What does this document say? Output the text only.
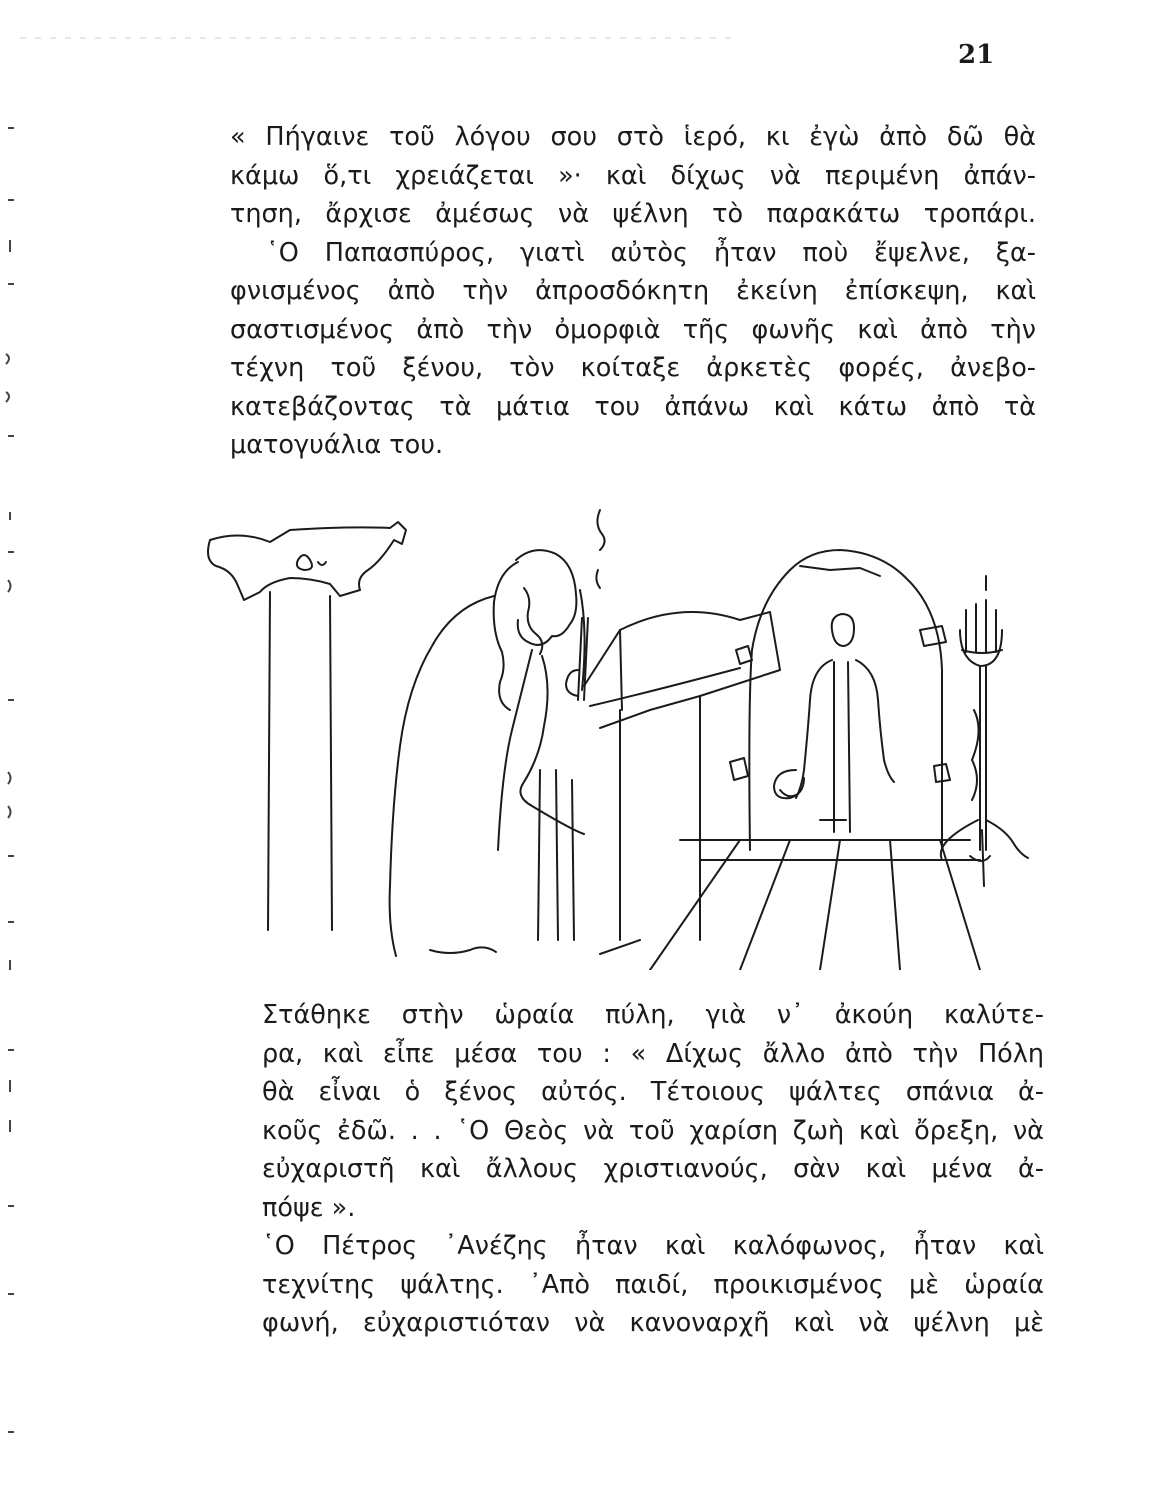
21

« Πήγαινε τοῦ λόγου σου στὸ ἱερό, κι ἐγὼ ἀπὸ δῶ θὰ
κάμω ὅ,τι χρειάζεται »· καὶ δίχως νὰ περιμένη ἀπάν-
τηση, ἄρχισε ἀμέσως νὰ ψέλνη τὸ παρακάτω τροπάρι.

῾Ο Παπασπύρος, γιατὶ αὐτὸς ἦταν ποὺ ἔψελνε, ξα-
φνισμένος ἀπὸ τὴν ἀπροσδόκητη ἐκείνη ἐπίσκεψη, καὶ
σαστισμένος ἀπὸ τὴν ὀμορφιὰ τῆς φωνῆς καὶ ἀπὸ τὴν
τέχνη τοῦ ξένου, τὸν κοίταξε ἀρκετὲς φορές, ἀνεβο-
κατεβάζοντας τὰ μάτια του ἀπάνω καὶ κάτω ἀπὸ τὰ
ματογυάλια του.

Στάθηκε στὴν ὡραία πύλη, γιὰ ν᾽ ἀκούη καλύτε-
ρα, καὶ εἶπε μέσα του : « Δίχως ἄλλο ἀπὸ τὴν Πόλη
θὰ εἶναι ὁ ξένος αὐτός. Τέτοιους ψάλτες σπάνια ἀ-
κοῦς ἐδῶ. . . ῾Ο Θεὸς νὰ τοῦ χαρίση ζωὴ καὶ ὄρεξη, νὰ
εὐχαριστῆ καὶ ἄλλους χριστιανούς, σὰν καὶ μένα ἀ-
πόψε ».

῾Ο Πέτρος ᾽Ανέζης ἦταν καὶ καλόφωνος, ἦταν καὶ
τεχνίτης ψάλτης. ᾽Απὸ παιδί, προικισμένος μὲ ὡραία
φωνή, εὐχαριστιόταν νὰ κανοναρχῆ καὶ νὰ ψέλνη μὲ
